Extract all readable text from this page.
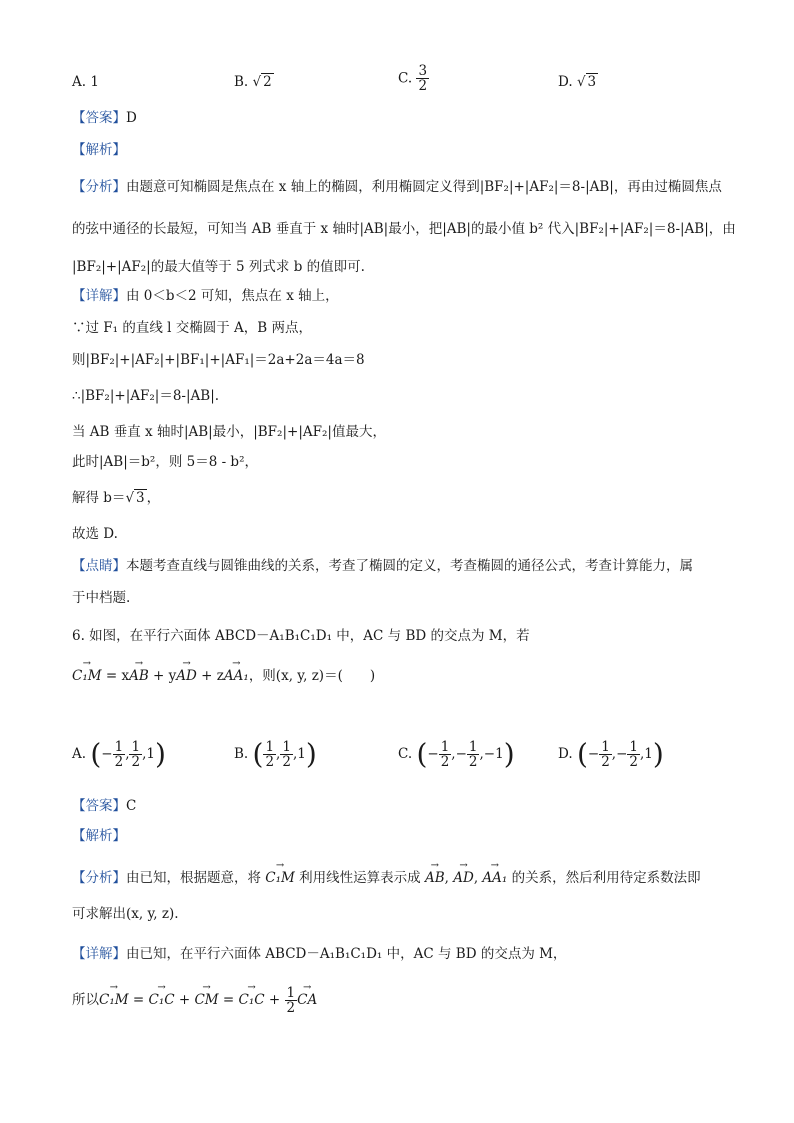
A. 1	B. √ 2	C. $\frac{3}{2}$	D. √ 3
【答案】D
【解析】
【分析】由题意可知椭圆是焦点在 x 轴上的椭圆，利用椭圆定义得到|BF₂|+|AF₂|＝8-|AB|，再由过椭圆焦点
的弦中通径的长最短，可知当 AB 垂直于 x 轴时|AB|最小，把|AB|的最小值 b² 代入|BF₂|+|AF₂|＝8-|AB|，由
|BF₂|+|AF₂|的最大值等于 5 列式求 b 的值即可.
【详解】由 0＜b＜2 可知，焦点在 x 轴上，
∵过 F₁ 的直线 l 交椭圆于 A，B 两点，
则|BF₂|+|AF₂|+|BF₁|+|AF₁|＝2a+2a＝4a＝8
∴|BF₂|+|AF₂|＝8-|AB|.
当 AB 垂直 x 轴时|AB|最小，|BF₂|+|AF₂|值最大，
此时|AB|＝b²，则 5＝8 - b²，
解得 b＝√ 3 ，
故选 D.
【点睛】本题考查直线与圆锥曲线的关系，考查了椭圆的定义，考查椭圆的通径公式，考查计算能力，属
于中档题.
6. 如图，在平行六面体 ABCD－A₁B₁C₁D₁ 中，AC 与 BD 的交点为 M，若
→ C₁M = x→ AB + y→ AD + z→ AA₁，则(x, y, z)＝(　　)
A. (− $\frac{1}{2}$ , $\frac{1}{2} ,1$)	B. ( $\frac{1}{2}$ , $\frac{1}{2} ,1$)	C. (− $\frac{1}{2}$ ,− $\frac{1}{2} ,-1$)	D. (− $\frac{1}{2}$ ,− $\frac{1}{2} ,1$)
【答案】C
【解析】
【分析】由已知，根据题意，将 → C₁M 利用线性运算表示成 → AB, → AD, → AA₁ 的关系，然后利用待定系数法即
可求解出(x, y, z).
【详解】由已知，在平行六面体 ABCD－A₁B₁C₁D₁ 中，AC 与 BD 的交点为 M，
所以→ C₁M = → C₁C + → CM = → $C_1C + \frac{1}{2}$
→ CA
